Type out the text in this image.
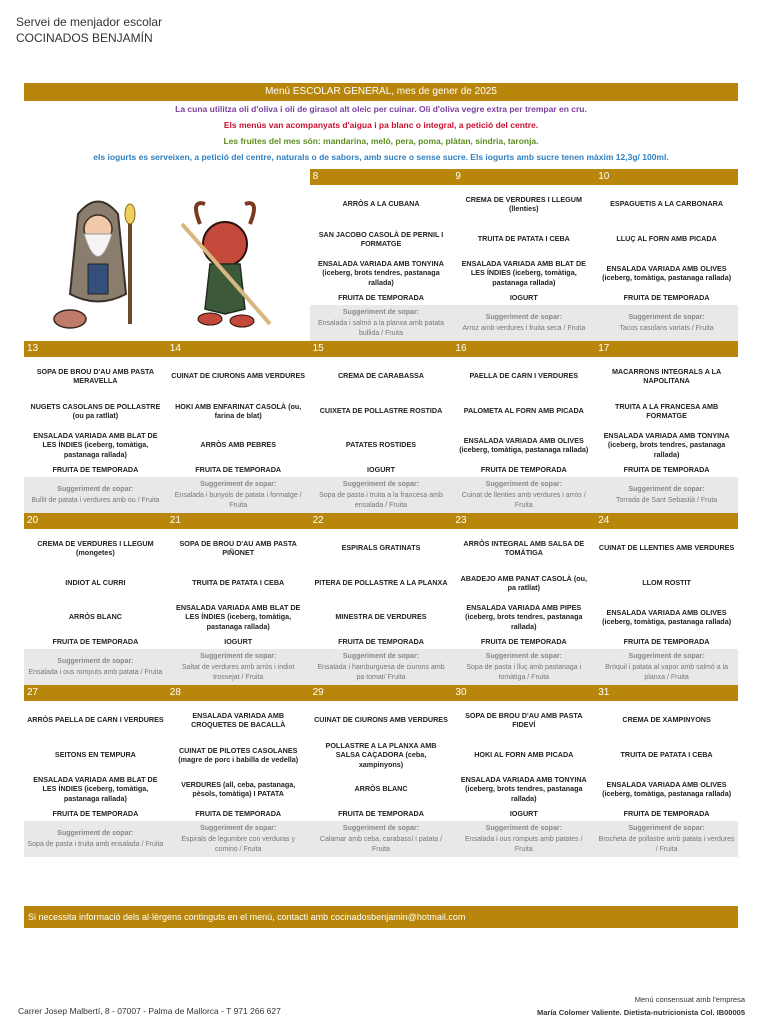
Servei de menjador escolar
COCINADOS BENJAMÍN
Menú ESCOLAR GENERAL, mes de gener de 2025
La cuna utilitza oli d'oliva i oli de girasol alt oleic per cuinar. Oli d'oliva vegre extra per trempar en cru.
Els menús van acompanyats d'aigua i pa blanc o integral, a petició del centre.
Les fruites del mes són: mandarina, meló, pera, poma, plàtan, síndria, taronja.
els iogurts es serveixen, a petició del centre, naturals o de sabors, amb sucre o sense sucre. Els iogurts amb sucre tenen màxim 12,3g/ 100ml.
8
ARRÒS A LA CUBANA
SAN JACOBO CASOLÀ DE PERNIL I FORMATGE
ENSALADA VARIADA AMB TONYINA (iceberg, brots tendres, pastanaga rallada)
FRUITA DE TEMPORADA
Suggeriment de sopar:
Ensalada i salmó a la planxa amb patata bullida / Fruita
9
CREMA DE VERDURES I LLEGUM (llenties)
TRUITA DE PATATA I CEBA
ENSALADA VARIADA AMB BLAT DE LES ÍNDIES (iceberg, tomàtiga, pastanaga rallada)
IOGURT
Suggeriment de sopar:
Arroz amb verdures i fruita seca / Fruita
10
ESPAGUETIS A LA CARBONARA
LLUÇ AL FORN AMB PICADA
ENSALADA VARIADA AMB OLIVES (iceberg, tomàtiga, pastanaga rallada)
FRUITA DE TEMPORADA
Suggeriment de sopar:
Tacos casolans variats / Fruita
13
SOPA DE BROU D'AU AMB PASTA MERAVELLA
NUGETS CASOLANS DE POLLASTRE (ou pa ratllat)
ENSALADA VARIADA AMB BLAT DE LES ÍNDIES (iceberg, tomàtiga, pastanaga rallada)
FRUITA DE TEMPORADA
Suggeriment de sopar:
Bullit de patata i verdures amb ou / Fruita
14
CUINAT DE CIURONS AMB VERDURES
HOKI AMB ENFARINAT CASOLÀ (ou, farina de blat)
ARRÒS AMB PEBRES
FRUITA DE TEMPORADA
Suggeriment de sopar:
Ensalada i bunyols de patata i formatge / Fruita
15
CREMA DE CARABASSA
CUIXETA DE POLLASTRE ROSTIDA
PATATES ROSTIDES
IOGURT
Suggeriment de sopar:
Sopa de pasta i truita a la francesa amb ensalada / Fruita
16
PAELLA DE CARN I VERDURES
PALOMETA AL FORN AMB PICADA
ENSALADA VARIADA AMB OLIVES (iceberg, tomàtiga, pastanaga rallada)
FRUITA DE TEMPORADA
Suggeriment de sopar:
Cuinat de llenties amb verdures i arròs / Fruita
17
MACARRONS INTEGRALS A LA NAPOLITANA
TRUITA A LA FRANCESA AMB FORMATGE
ENSALADA VARIADA AMB TONYINA (iceberg, brots tendres, pastanaga rallada)
FRUITA DE TEMPORADA
Suggeriment de sopar:
Torrada de Sant Sebastià / Fruta
20
CREMA DE VERDURES I LLEGUM (mongetes)
INDIOT AL CURRI
ARRÒS BLANC
FRUITA DE TEMPORADA
Suggeriment de sopar:
Ensalada i ous romputs amb patata / Fruita
21
SOPA DE BROU D'AU AMB PASTA PIÑONET
TRUITA DE PATATA I CEBA
ENSALADA VARIADA AMB BLAT DE LES ÍNDIES (iceberg, tomàtiga, pastanaga rallada)
IOGURT
Suggeriment de sopar:
Saltat de verdures amb arròs i indiot trossejat / Fruita
22
ESPIRALS GRATINATS
PITERA DE POLLASTRE A LA PLANXA
MINESTRA DE VERDURES
FRUITA DE TEMPORADA
Suggeriment de sopar:
Ensalada i hamburguesa de ciurons amb pa tomat/ Fruita
23
ARRÒS INTEGRAL AMB SALSA DE TOMÀTIGA
ABADEJO AMB PANAT CASOLÀ (ou, pa ratllat)
ENSALADA VARIADA AMB PIPES (iceberg, brots tendres, pastanaga rallada)
FRUITA DE TEMPORADA
Suggeriment de sopar:
Sopa de pasta i lluç amb pastanaga i tomàtiga / Fruita
24
CUINAT DE LLENTIES AMB VERDURES
LLOM ROSTIT
ENSALADA VARIADA AMB OLIVES (iceberg, tomàtiga, pastanaga rallada)
FRUITA DE TEMPORADA
Suggeriment de sopar:
Bròquil i patata al vapor amb salmó a la planxa / Fruita
27
ARRÒS PAELLA DE CARN I VERDURES
SEITONS EN TEMPURA
ENSALADA VARIADA AMB BLAT DE LES ÍNDIES (iceberg, tomàtiga, pastanaga rallada)
FRUITA DE TEMPORADA
Suggeriment de sopar:
Sopa de pasta i truita amb ensalada / Fruita
28
ENSALADA VARIADA AMB CROQUETES DE BACALLÀ
CUINAT DE PILOTES CASOLANES (magre de porc i babilla de vedella)
VERDURES (all, ceba, pastanaga, pèsols, tomàtiga) I PATATA
FRUITA DE TEMPORADA
Suggeriment de sopar:
Espirals de legumbre con verduras y comino / Fruita
29
CUINAT DE CIURONS AMB VERDURES
POLLASTRE A LA PLANXA AMB SALSA CAÇADORA (ceba, xampinyons)
ARRÒS BLANC
FRUITA DE TEMPORADA
Suggeriment de sopar:
Calamar amb ceba, carabassí i patata / Fruita
30
SOPA DE BROU D'AU AMB PASTA FIDEVÍ
HOKI AL FORN AMB PICADA
ENSALADA VARIADA AMB TONYINA (iceberg, brots tendres, pastanaga rallada)
IOGURT
Suggeriment de sopar:
Ensalada i ous romputs amb patates / Fruita
31
CREMA DE XAMPINYONS
TRUITA DE PATATA I CEBA
ENSALADA VARIADA AMB OLIVES (iceberg, tomàtiga, pastanaga rallada)
FRUITA DE TEMPORADA
Suggeriment de sopar:
Brocheta de pollastre amb patata i verdures / Fruita
Si necessita informació dels al·lèrgens continguts en el menú, contacti amb cocinadosbenjamin@hotmail.com
Carrer Josep Malbertí, 8 - 07007 - Palma de Mallorca - T 971 266 627
Menú consensuat amb l'empresa
María Colomer Valiente. Dietista-nutricionista Col. IB00005
